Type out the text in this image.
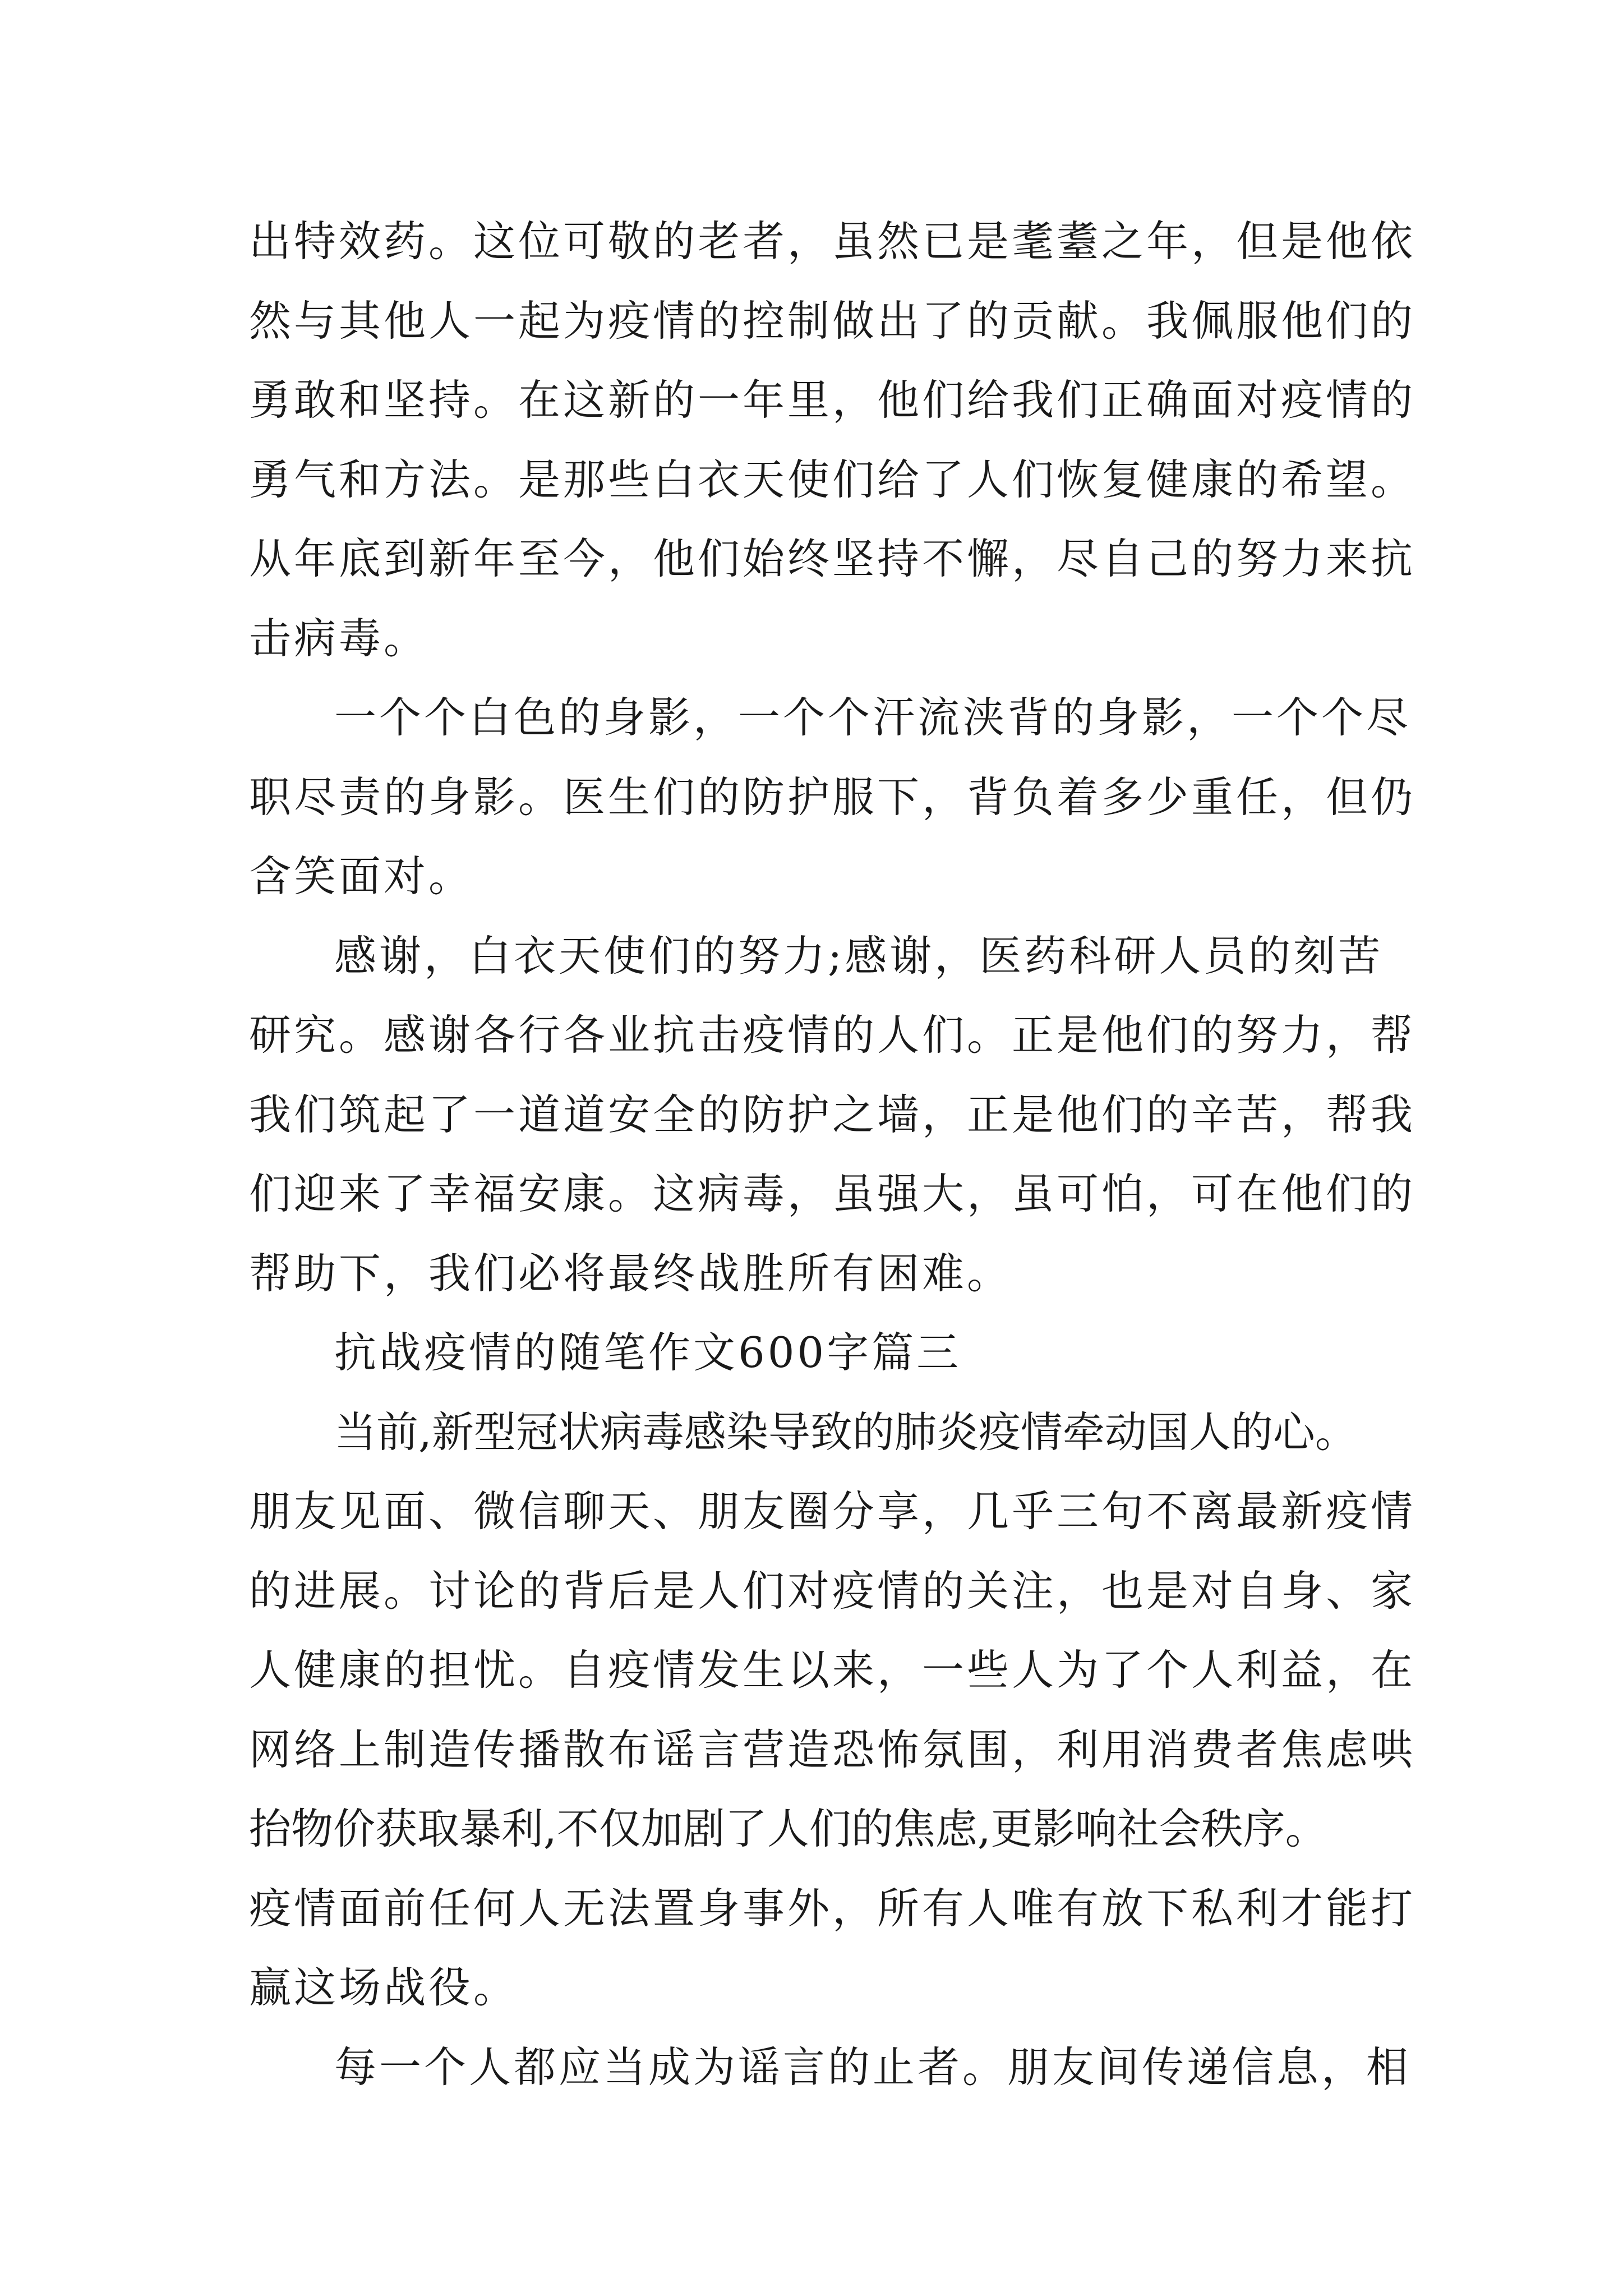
出特效药。这位可敬的老者，虽然已是耄耋之年，但是他依
然与其他人一起为疫情的控制做出了的贡献。我佩服他们的
勇敢和坚持。在这新的一年里，他们给我们正确面对疫情的
勇气和方法。是那些白衣天使们给了人们恢复健康的希望。
从年底到新年至今，他们始终坚持不懈，尽自己的努力来抗
击病毒。
一个个白色的身影，一个个汗流浃背的身影，一个个尽
职尽责的身影。医生们的防护服下，背负着多少重任，但仍
含笑面对。
感谢，白衣天使们的努力;感谢，医药科研人员的刻苦
研究。感谢各行各业抗击疫情的人们。正是他们的努力，帮
我们筑起了一道道安全的防护之墙，正是他们的辛苦，帮我
们迎来了幸福安康。这病毒，虽强大，虽可怕，可在他们的
帮助下，我们必将最终战胜所有困难。
抗战疫情的随笔作文600字篇三
当前,新型冠状病毒感染导致的肺炎疫情牵动国人的心。
朋友见面、微信聊天、朋友圈分享，几乎三句不离最新疫情
的进展。讨论的背后是人们对疫情的关注，也是对自身、家
人健康的担忧。自疫情发生以来，一些人为了个人利益，在
网络上制造传播散布谣言营造恐怖氛围，利用消费者焦虑哄
抬物价获取暴利,不仅加剧了人们的焦虑,更影响社会秩序。
疫情面前任何人无法置身事外，所有人唯有放下私利才能打
赢这场战役。
每一个人都应当成为谣言的止者。朋友间传递信息，相
